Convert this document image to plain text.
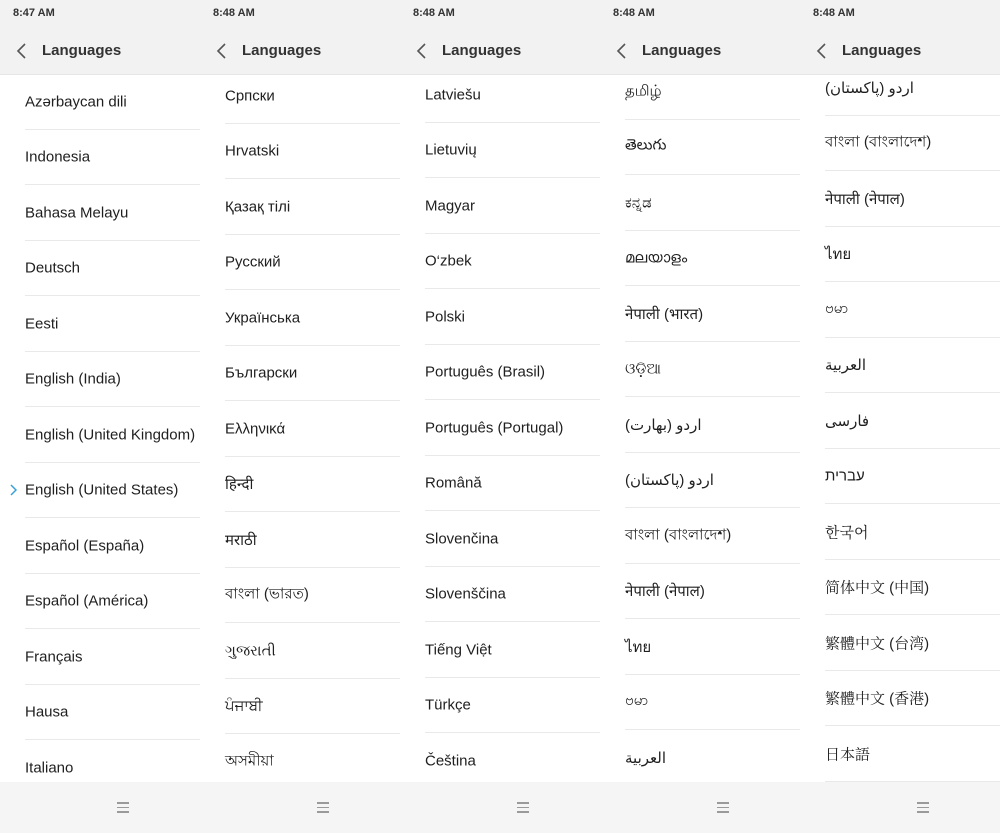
8:47 AM
Languages
Azərbaycan dili
Indonesia
Bahasa Melayu
Deutsch
Eesti
English (India)
English (United Kingdom)
English (United States)
Español (España)
Español (América)
Français
Hausa
Italiano
8:48 AM
Languages
Српски
Hrvatski
Қазақ тілі
Русский
Українська
Български
Ελληνικά
हिन्दी
मराठी
বাংলা (ভারত)
ગુજરાતી
ਪੰਜਾਬੀ
অসমীয়া
8:48 AM
Languages
Latviešu
Lietuvių
Magyar
O‘zbek
Polski
Português (Brasil)
Português (Portugal)
Română
Slovenčina
Slovenščina
Tiếng Việt
Türkçe
Čeština
8:48 AM
Languages
தமிழ்
తెలుగు
ಕನ್ನಡ
മലയാളം
नेपाली (भारत)
ଓଡ଼ିଆ
اردو (بھارت)
اردو (پاکستان)
বাংলা (বাংলাদেশ)
नेपाली (नेपाल)
ไทย
ဗမာ
العربية
8:48 AM
Languages
اردو (پاکستان)
বাংলা (বাংলাদেশ)
नेपाली (नेपाल)
ไทย
ဗမာ
العربية
فارسی
עברית
한국어
简体中文 (中国)
繁體中文 (台湾)
繁體中文 (香港)
日本語
